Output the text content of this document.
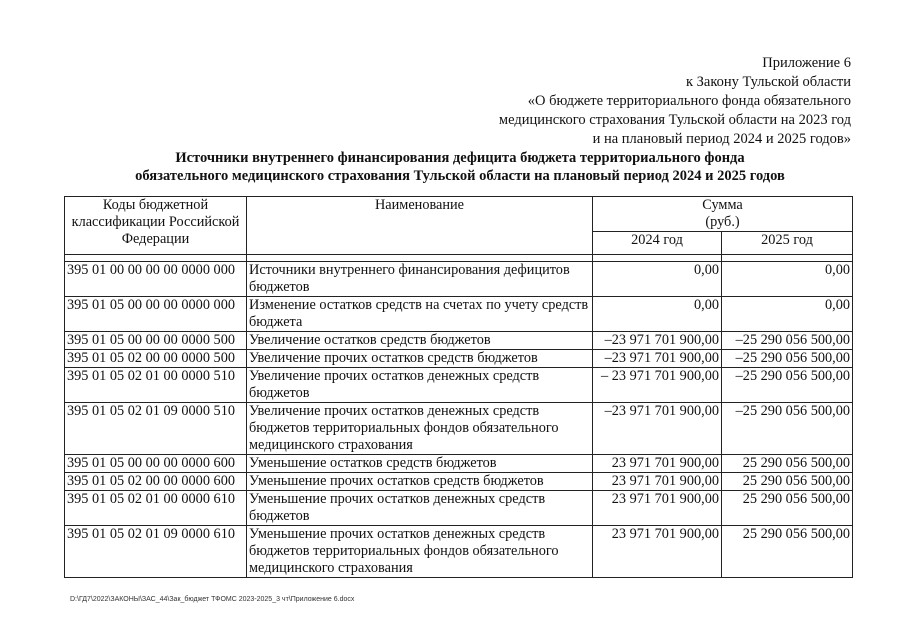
Приложение 6
к Закону Тульской области
«О бюджете территориального фонда обязательного
медицинского страхования Тульской области на 2023 год
и на плановый период 2024 и 2025 годов»
Источники внутреннего финансирования дефицита бюджета территориального фонда
обязательного медицинского страхования Тульской области на плановый период 2024 и 2025 годов
Коды бюджетной классификации Российской Федерации	Наименование	Сумма
(руб.)	

		2024 год	2025 год

395 01 00 00 00 00 0000 000	Источники внутреннего финансирования дефицитов бюджетов	0,00	0,00
395 01 05 00 00 00 0000 000	Изменение остатков средств на счетах по учету средств бюджета	0,00	0,00
395 01 05 00 00 00 0000 500	Увеличение остатков средств бюджетов	–23 971 701 900,00	–25 290 056 500,00
395 01 05 02 00 00 0000 500	Увеличение прочих остатков средств бюджетов	–23 971 701 900,00	–25 290 056 500,00
395 01 05 02 01 00 0000 510	Увеличение прочих остатков денежных средств бюджетов	– 23 971 701 900,00	–25 290 056 500,00
395 01 05 02 01 09 0000 510	Увеличение прочих остатков денежных средств бюджетов территориальных фондов обязательного медицинского страхования	–23 971 701 900,00	–25 290 056 500,00
395 01 05 00 00 00 0000 600	Уменьшение остатков средств бюджетов	23 971 701 900,00	25 290 056 500,00
395 01 05 02 00 00 0000 600	Уменьшение прочих остатков средств бюджетов	23 971 701 900,00	25 290 056 500,00
395 01 05 02 01 00 0000 610	Уменьшение прочих остатков денежных средств бюджетов	23 971 701 900,00	25 290 056 500,00
395 01 05 02 01 09 0000 610	Уменьшение прочих остатков денежных средств бюджетов территориальных фондов обязательного медицинского страхования	23 971 701 900,00	25 290 056 500,00
D:\ГД7\2022\ЗАКОНЫ\ЗАС_44\Зак_бюджет ТФОМС 2023-2025_3 чт\Приложение 6.docx
